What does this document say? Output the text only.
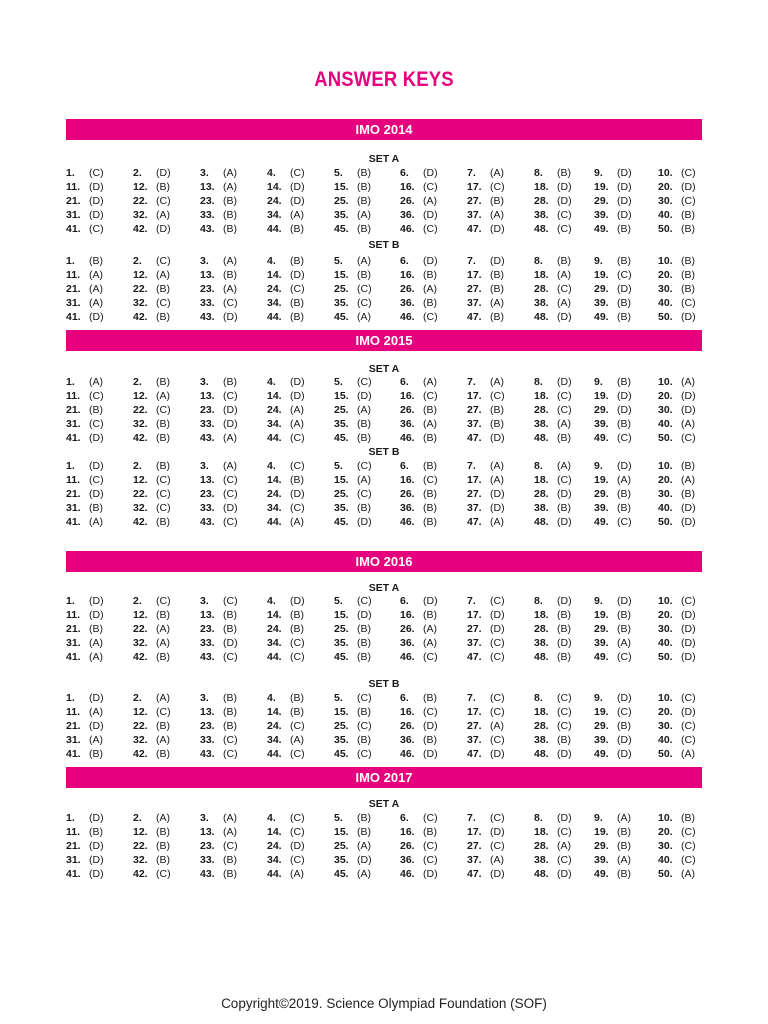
ANSWER KEYS
IMO 2014
SET A
1. (C)	2. (D)	3. (A)	4. (C)	5. (B)	6. (D)	7. (A)	8. (B) 9. (D)	10. (C)
11. (D)	12. (B)	13. (A)	14. (D)	15. (B)	16. (C)	17. (C)	18. (D) 19. (D)	20. (D)
21. (D)	22. (C)	23. (B)	24. (D)	25. (B)	26. (A)	27. (B)	28. (D) 29. (D)	30. (C)
31. (D)	32. (A)	33. (B)	34. (A)	35. (A)	36. (D)	37. (A)	38. (C) 39. (D)	40. (B)
41. (C)	42. (D)	43. (B)	44. (B)	45. (B)	46. (C)	47. (D)	48. (C) 49. (B)	50. (B)
SET B
1. (B)	2. (C)	3. (A)	4. (B)	5. (A)	6. (D)	7. (D)	8. (B) 9. (B)	10. (B)
11. (A)	12. (A)	13. (B)	14. (D)	15. (B)	16. (B)	17. (B)	18. (A) 19. (C)	20. (B)
21. (A)	22. (B)	23. (A)	24. (C)	25. (C)	26. (A)	27. (B)	28. (C) 29. (D)	30. (B)
31. (A)	32. (C)	33. (C)	34. (B)	35. (C)	36. (B)	37. (A)	38. (A) 39. (B)	40. (C)
41. (D)	42. (B)	43. (D)	44. (B)	45. (A)	46. (C)	47. (B)	48. (D) 49. (B)	50. (D)
IMO 2015
SET A
1. (A)	2. (B)	3. (B)	4. (D)	5. (C)	6. (A)	7. (A)	8. (D) 9. (B)	10. (A)
11. (C)	12. (A)	13. (C)	14. (D)	15. (D)	16. (C)	17. (C)	18. (C) 19. (D)	20. (D)
21. (B)	22. (C)	23. (D)	24. (A)	25. (A)	26. (B)	27. (B)	28. (C) 29. (D)	30. (D)
31. (C)	32. (B)	33. (D)	34. (A)	35. (B)	36. (A)	37. (B)	38. (A) 39. (B)	40. (A)
41. (D)	42. (B)	43. (A)	44. (C)	45. (B)	46. (B)	47. (D)	48. (B) 49. (C)	50. (C)
SET B
1. (D)	2. (B)	3. (A)	4. (C)	5. (C)	6. (B)	7. (A)	8. (A) 9. (D)	10. (B)
11. (C)	12. (C)	13. (C)	14. (B)	15. (A)	16. (C)	17. (A)	18. (C) 19. (A)	20. (A)
21. (D)	22. (C)	23. (C)	24. (D)	25. (C)	26. (B)	27. (D)	28. (D) 29. (B)	30. (B)
31. (B)	32. (C)	33. (D)	34. (C)	35. (B)	36. (B)	37. (D)	38. (B) 39. (B)	40. (D)
41. (A)	42. (B)	43. (C)	44. (A)	45. (D)	46. (B)	47. (A)	48. (D) 49. (C)	50. (D)
IMO 2016
SET A
1. (D)	2. (C)	3. (C)	4. (D)	5. (C)	6. (D)	7. (C)	8. (D) 9. (D)	10. (C)
11. (D)	12. (B)	13. (B)	14. (B)	15. (D)	16. (B)	17. (D)	18. (B) 19. (B)	20. (D)
21. (B)	22. (A)	23. (B)	24. (B)	25. (B)	26. (A)	27. (D)	28. (B) 29. (B)	30. (D)
31. (A)	32. (A)	33. (D)	34. (C)	35. (B)	36. (A)	37. (C)	38. (D) 39. (A)	40. (D)
41. (A)	42. (B)	43. (C)	44. (C)	45. (B)	46. (C)	47. (C)	48. (B) 49. (C)	50. (D)
SET B
1. (D)	2. (A)	3. (B)	4. (B)	5. (C)	6. (B)	7. (C)	8. (C) 9. (D)	10. (C)
11. (A)	12. (C)	13. (B)	14. (B)	15. (B)	16. (C)	17. (C)	18. (C) 19. (C)	20. (D)
21. (D)	22. (B)	23. (B)	24. (C)	25. (C)	26. (D)	27. (A)	28. (C) 29. (B)	30. (C)
31. (A)	32. (A)	33. (C)	34. (A)	35. (B)	36. (B)	37. (C)	38. (B) 39. (D)	40. (C)
41. (B)	42. (B)	43. (C)	44. (C)	45. (C)	46. (D)	47. (D)	48. (D) 49. (D)	50. (A)
IMO 2017
SET A
1. (D)	2. (A)	3. (A)	4. (C)	5. (B)	6. (C)	7. (C)	8. (D) 9. (A)	10. (B)
11. (B)	12. (B)	13. (A)	14. (C)	15. (B)	16. (B)	17. (D)	18. (C) 19. (B)	20. (C)
21. (D)	22. (B)	23. (C)	24. (D)	25. (A)	26. (C)	27. (C)	28. (A) 29. (B)	30. (C)
31. (D)	32. (B)	33. (B)	34. (C)	35. (D)	36. (C)	37. (A)	38. (C) 39. (A)	40. (C)
41. (D)	42. (C)	43. (B)	44. (A)	45. (A)	46. (D)	47. (D)	48. (D) 49. (B)	50. (A)
Copyright©2019. Science Olympiad Foundation (SOF)
